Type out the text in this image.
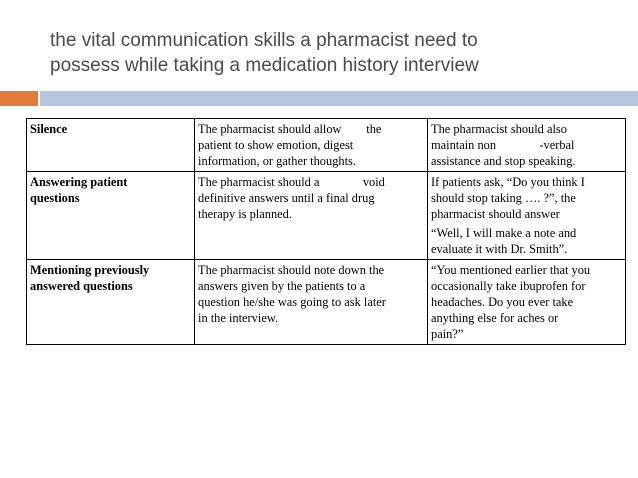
the vital communication skills a pharmacist need to
possess while taking a medication history interview
Silence	The pharmacist should allow        the
patient to show emotion, digest
information, or gather thoughts.	The pharmacist should also
maintain non              -verbal
assistance and stop speaking.

Answering patient
questions	The pharmacist should a              void
definitive answers until a final drug
therapy is planned.	If patients ask, “Do you think I
should stop taking …. ?”, the
pharmacist should answer
“Well, I will make a note and
evaluate it with Dr. Smith”.

Mentioning previously
answered questions	The pharmacist should note down the
answers given by the patients to a
question he/she was going to ask later
in the interview.	“You mentioned earlier that you
occasionally take ibuprofen for
headaches. Do you ever take
anything else for aches or
pain?”
